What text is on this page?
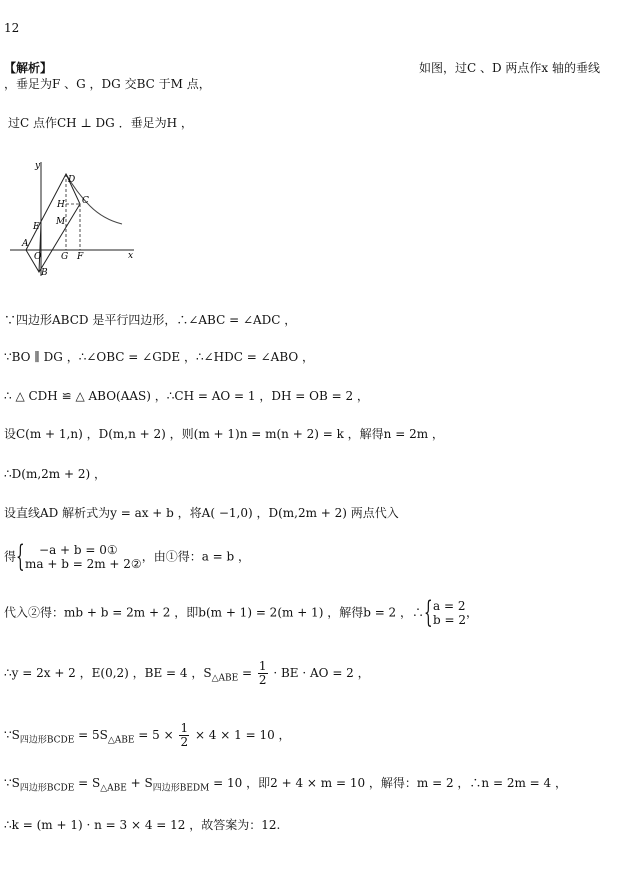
12
【解析】	如图，过C 、D 两点作x 轴的垂线
，垂足为F 、G ，DG 交BC 于M 点，
过C 点作CH ⊥ DG ．垂足为H ，
y
x
D
C
H
M
E
A
O G F
B
∵四边形ABCD 是平行四边形，∴∠ABC = ∠ADC ，
∵BO ∥ DG ，∴∠OBC = ∠GDE ，∴∠HDC = ∠ABO ，
∴ △ CDH ≌ △ ABO(AAS) ，∴CH = AO = 1 ，DH = OB = 2 ，
设C(m + 1,n) ，D(m,n + 2) ，则(m + 1)n = m(n + 2) = k ，解得n = 2m ，
∴D(m,2m + 2) ，
设直线AD 解析式为y = ax + b ，将A( −1,0) ，D(m,2m + 2) 两点代入
得 {	−a + b = 0①
ma + b = 2m + 2②
，由①得：a = b ，
代入②得：mb + b = 2m + 2 ，即b(m + 1) = 2(m + 1) ，解得b = 2 ，∴ { a = 2
b = 2
，
∴y = 2x + 2 ，E(0,2) ，BE = 4 ，$S_{\triangle ABE} = \frac{1}{2}$ · BE · AO = 2 ，
$\because S_{四边形BCDE} = 5S_{\triangle ABE} = 5 \times \frac{1}{2} \times 4 \times 1 = 10$ ，
$\because S_{四边形BCDE} = S_{\triangle ABE} + S_{四边形BEDM} = 10$ ，即2 + 4 × m = 10 ，解得：m = 2 ，∴n = 2m = 4 ，
∴k = (m + 1) · n = 3 × 4 = 12 ，故答案为：12.
